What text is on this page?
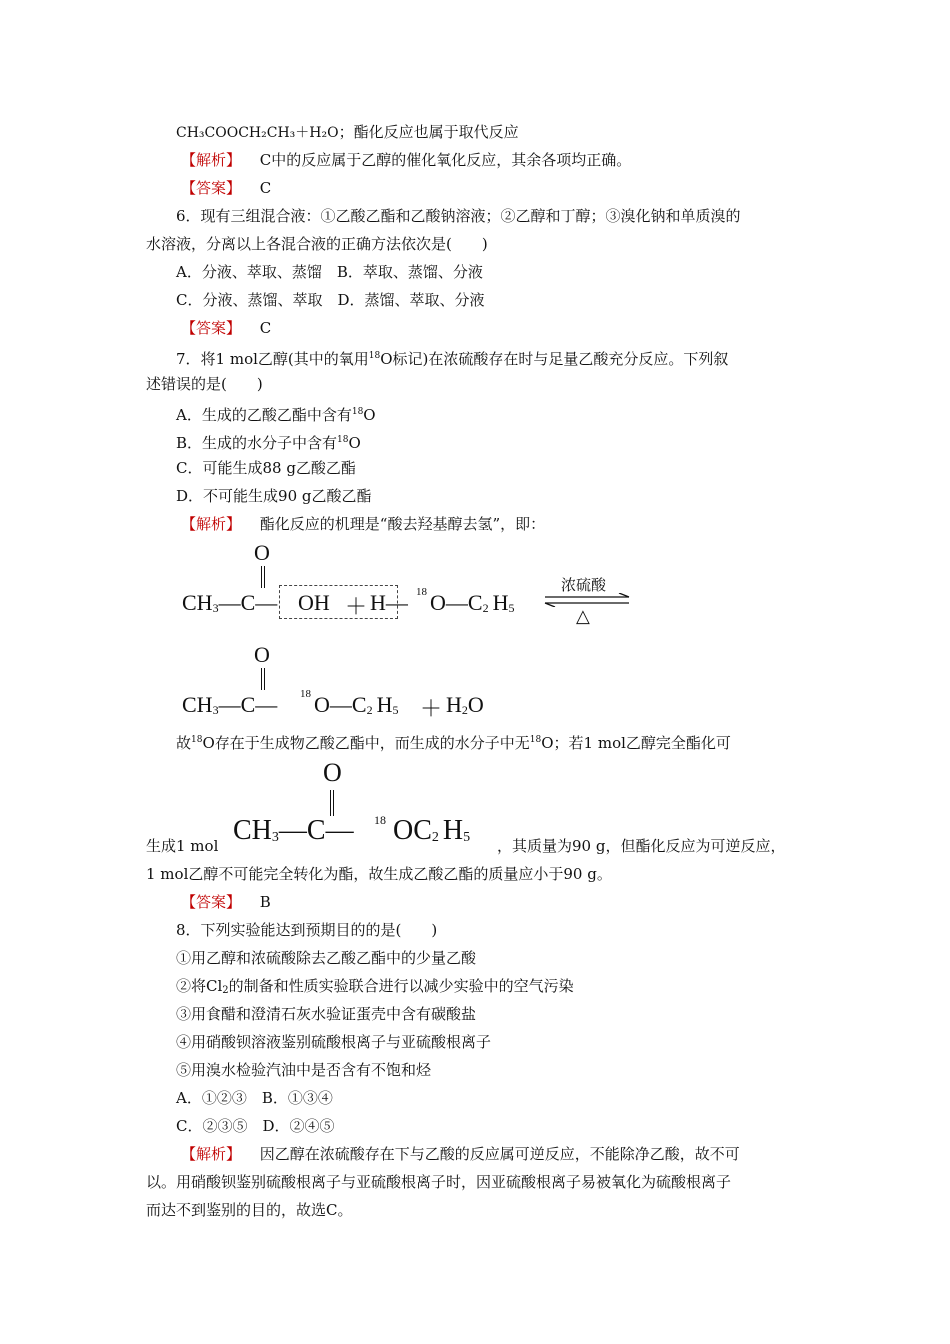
CH₃COOCH₂CH₃＋H₂O；酯化反应也属于取代反应
【解析】 C中的反应属于乙醇的催化氧化反应，其余各项均正确。
【答案】 C
6．现有三组混合液：①乙酸乙酯和乙酸钠溶液；②乙醇和丁醇；③溴化钠和单质溴的
水溶液，分离以上各混合液的正确方法依次是(　　)
A．分液、萃取、蒸馏　B．萃取、蒸馏、分液
C．分液、蒸馏、萃取　D．蒸馏、萃取、分液
【答案】 C
7．将1 mol乙醇(其中的氧用$^{18}$O标记)在浓硫酸存在时与足量乙酸充分反应。下列叙
述错误的是(　　)
A．生成的乙酸乙酯中含有$^{18}$O
B．生成的水分子中含有$^{18}$O
C．可能生成88 g乙酸乙酯
D．不可能生成90 g乙酸乙酯
【解析】 酯化反应的机理是“酸去羟基醇去氢”，即：
O
$CH_3—C—$ OH ＋ H— 18 $O—C_2$ $H_5$
浓硫酸
△
O
$CH_3—C—$ 18 $O—C_2$ $H_5 + H_2O$
故$^{18}$O存在于生成物乙酸乙酯中，而生成的水分子中无$^{18}$O；若1 mol乙醇完全酯化可
O
生成1 mol $CH_3—C—$ 18 $OC_2$ $H_5$ ，其质量为90 g，但酯化反应为可逆反应，
1 mol乙醇不可能完全转化为酯，故生成乙酸乙酯的质量应小于90 g。
【答案】 B
8．下列实验能达到预期目的的是(　　)
①用乙醇和浓硫酸除去乙酸乙酯中的少量乙酸
②将$Cl_2$的制备和性质实验联合进行以减少实验中的空气污染
③用食醋和澄清石灰水验证蛋壳中含有碳酸盐
④用硝酸钡溶液鉴别硫酸根离子与亚硫酸根离子
⑤用溴水检验汽油中是否含有不饱和烃
A．①②③　B．①③④
C．②③⑤　D．②④⑤
【解析】 因乙醇在浓硫酸存在下与乙酸的反应属可逆反应，不能除净乙酸，故不可
以。用硝酸钡鉴别硫酸根离子与亚硫酸根离子时，因亚硫酸根离子易被氧化为硫酸根离子
而达不到鉴别的目的，故选C。
